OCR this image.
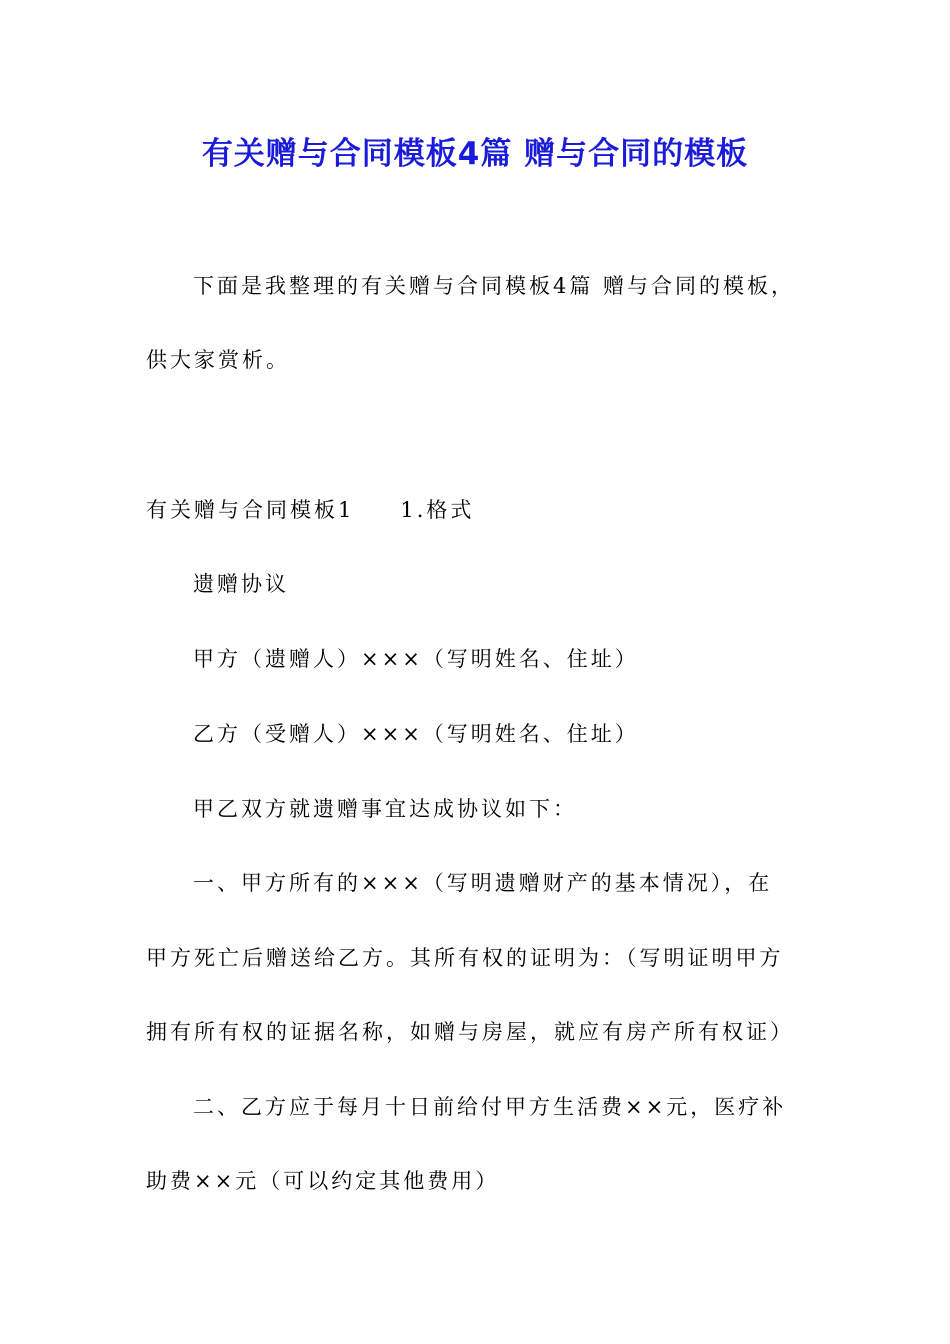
有关赠与合同模板4篇 赠与合同的模板
下面是我整理的有关赠与合同模板4篇 赠与合同的模板，
供大家赏析。
有关赠与合同模板1 1.格式
遗赠协议
甲方（遗赠人）×××（写明姓名、住址）
乙方（受赠人）×××（写明姓名、住址）
甲乙双方就遗赠事宜达成协议如下：
一、甲方所有的×××（写明遗赠财产的基本情况），在
甲方死亡后赠送给乙方。其所有权的证明为：（写明证明甲方
拥有所有权的证据名称，如赠与房屋，就应有房产所有权证）
二、乙方应于每月十日前给付甲方生活费××元，医疗补
助费××元（可以约定其他费用）
